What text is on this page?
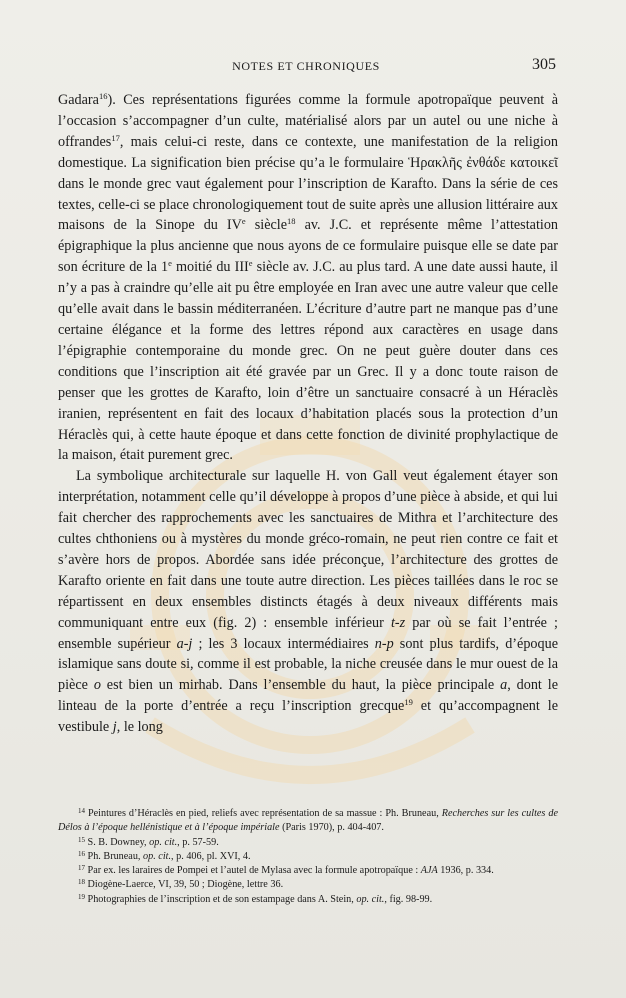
NOTES ET CHRONIQUES	305

Gadara$^{16}$). Ces représentations figurées comme la formule apotropaïque peuvent à l’occasion s’accompagner d’un culte, matérialisé alors par un autel ou une niche à offrandes$^{17}$, mais celui-ci reste, dans ce contexte, une manifestation de la religion domestique. La signification bien précise qu’a le formulaire Ἡρακλῆς ἐνθάδε κατοικεῖ dans le monde grec vaut également pour l’inscription de Karafto. Dans la série de ces textes, celle-ci se place chronologiquement tout de suite après une allusion littéraire aux maisons de la Sinope du IVe siècle$^{18}$ av. J.C. et représente même l’attestation épigraphique la plus ancienne que nous ayons de ce formulaire puisque elle se date par son écriture de la 1e moitié du IIIe siècle av. J.C. au plus tard. A une date aussi haute, il n’y a pas à craindre qu’elle ait pu être employée en Iran avec une autre valeur que celle qu’elle avait dans le bassin méditerranéen. L’écriture d’autre part ne manque pas d’une certaine élégance et la forme des lettres répond aux caractères en usage dans l’épigraphie contemporaine du monde grec. On ne peut guère douter dans ces conditions que l’inscription ait été gravée par un Grec. Il y a donc toute raison de penser que les grottes de Karafto, loin d’être un sanctuaire consacré à un Héraclès iranien, représentent en fait des locaux d’habitation placés sous la protection d’un Héraclès qui, à cette haute époque et dans cette fonction de divinité prophylactique de la maison, était purement grec.

La symbolique architecturale sur laquelle H. von Gall veut également étayer son interprétation, notamment celle qu’il développe à propos d’une pièce à abside, et qui lui fait chercher des rapprochements avec les sanctuaires de Mithra et l’architecture des cultes chthoniens ou à mystères du monde gréco-romain, ne peut rien contre ce fait et s’avère hors de propos. Abordée sans idée préconçue, l’architecture des grottes de Karafto oriente en fait dans une toute autre direction. Les pièces taillées dans le roc se répartissent en deux ensembles distincts étagés à deux niveaux différents mais communiquant entre eux (fig. 2) : ensemble inférieur t-z par où se fait l’entrée ; ensemble supérieur a-j ; les 3 locaux intermédiaires n-p sont plus tardifs, d’époque islamique sans doute si, comme il est probable, la niche creusée dans le mur ouest de la pièce o est bien un mirhab. Dans l’ensemble du haut, la pièce principale a, dont le linteau de la porte d’entrée a reçu l’inscription grecque$^{19}$ et qu’accompagnent le vestibule j, le long

$^{14}$ Peintures d’Héraclès en pied, reliefs avec représentation de sa massue : Ph. Bruneau, Recherches sur les cultes de Délos à l’époque hellénistique et à l’époque impériale (Paris 1970), p. 404-407.

$^{15}$ S. B. Downey, op. cit., p. 57-59.

$^{16}$ Ph. Bruneau, op. cit., p. 406, pl. XVI, 4.

$^{17}$ Par ex. les laraires de Pompei et l’autel de Mylasa avec la formule apotropaïque : AJA 1936, p. 334.

$^{18}$ Diogène-Laerce, VI, 39, 50 ; Diogène, lettre 36.

$^{19}$ Photographies de l’inscription et de son estampage dans A. Stein, op. cit., fig. 98-99.
